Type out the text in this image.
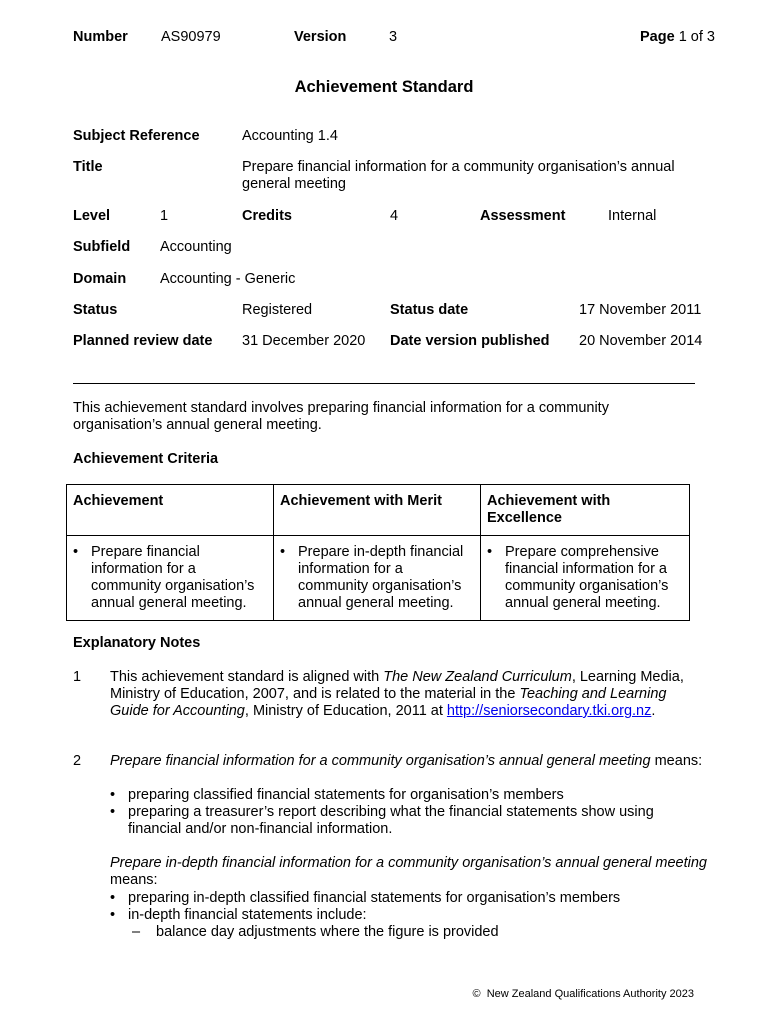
Number AS90979	Version	3	Page 1 of 3
Achievement Standard
Subject Reference	Accounting 1.4
Title	Prepare financial information for a community organisation’s annual general meeting
Level	1	Credits	4	Assessment	Internal
Subfield Accounting
Domain Accounting - Generic
Status	Registered	Status date	17 November 2011
Planned review date 31 December 2020 Date version published 20 November 2014
This achievement standard involves preparing financial information for a community organisation’s annual general meeting.
Achievement Criteria
Achievement	Achievement with Merit	Achievement with Excellence

• Prepare financial information for a community organisation’s annual general meeting.	• Prepare in-depth financial information for a community organisation’s annual general meeting.	• Prepare comprehensive financial information for a community organisation’s annual general meeting.
Explanatory Notes
1 This achievement standard is aligned with The New Zealand Curriculum, Learning Media, Ministry of Education, 2007, and is related to the material in the Teaching and Learning Guide for Accounting, Ministry of Education, 2011 at http://seniorsecondary.tki.org.nz.
2 Prepare financial information for a community organisation’s annual general meeting means:
• preparing classified financial statements for organisation’s members
• preparing a treasurer’s report describing what the financial statements show using financial and/or non-financial information.
Prepare in-depth financial information for a community organisation’s annual general meeting means:
• preparing in-depth classified financial statements for organisation’s members
• in-depth financial statements include:
–	balance day adjustments where the figure is provided
© New Zealand Qualifications Authority 2023
